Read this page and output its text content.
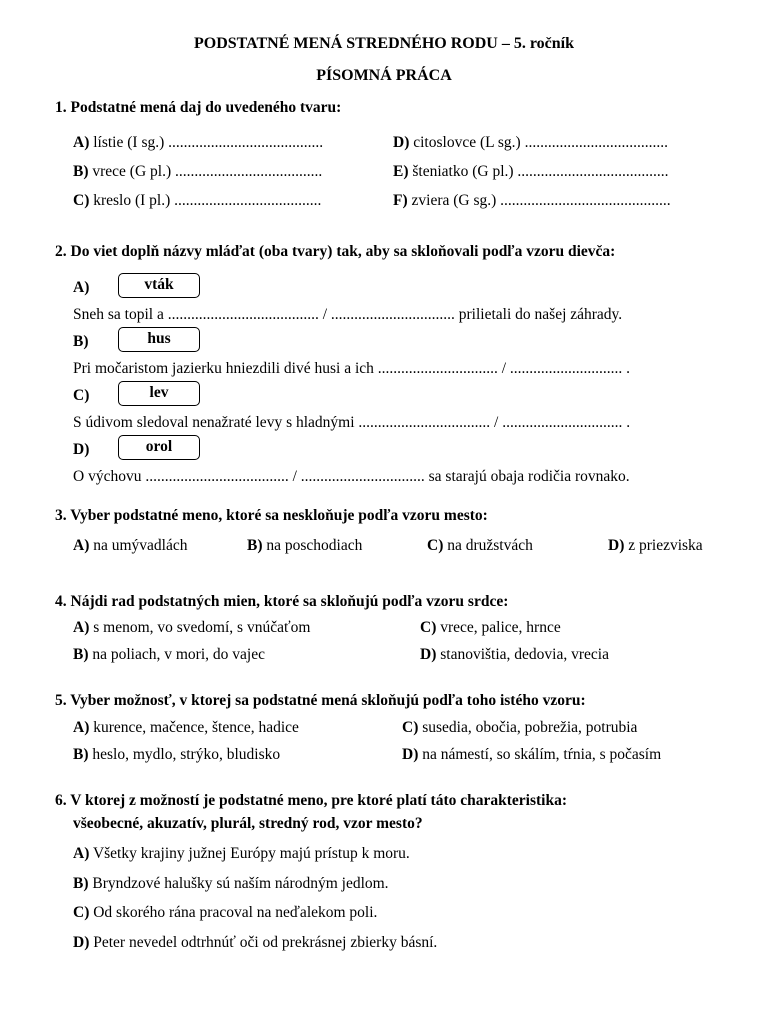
PODSTATNÉ MENÁ STREDNÉHO RODU – 5. ročník
PÍSOMNÁ PRÁCA
1. Podstatné mená daj do uvedeného tvaru:
A) lístie (I sg.) ........................................	D) citoslovce (L sg.) .....................................
B) vrece (G pl.) ......................................	E) šteniatko (G pl.) .......................................
C) kreslo (I pl.) ......................................	F) zviera (G sg.) ............................................
2. Do viet doplň názvy mláďat (oba tvary) tak, aby sa skloňovali podľa vzoru dievča:
A)	vták
Sneh sa topil a ....................................... / ................................ prilietali do našej záhrady.
B)	hus
Pri močaristom jazierku hniezdili divé husi a ich ............................... / ............................. .
C)	lev
S údivom sledoval nenažraté levy s hladnými .................................. / ............................... .
D)	orol
O výchovu ..................................... / ................................ sa starajú obaja rodičia rovnako.
3. Vyber podstatné meno, ktoré sa neskloňuje podľa vzoru mesto:
A) na umývadlách	B) na poschodiach	C) na družstvách	D) z priezviska
4. Nájdi rad podstatných mien, ktoré sa skloňujú podľa vzoru srdce:
A) s menom, vo svedomí, s vnúčaťom	C) vrece, palice, hrnce
B) na poliach, v mori, do vajec	D) stanovištia, dedovia, vrecia
5. Vyber možnosť, v ktorej sa podstatné mená skloňujú podľa toho istého vzoru:
A) kurence, mačence, štence, hadice	C) susedia, obočia, pobrežia, potrubia
B) heslo, mydlo, strýko, bludisko	D) na námestí, so skálím, tŕnia, s počasím
6. V ktorej z možností je podstatné meno, pre ktoré platí táto charakteristika:
všeobecné, akuzatív, plurál, stredný rod, vzor mesto?
A) Všetky krajiny južnej Európy majú prístup k moru.
B) Bryndzové halušky sú naším národným jedlom.
C) Od skorého rána pracoval na neďalekom poli.
D) Peter nevedel odtrhnúť oči od prekrásnej zbierky básní.
